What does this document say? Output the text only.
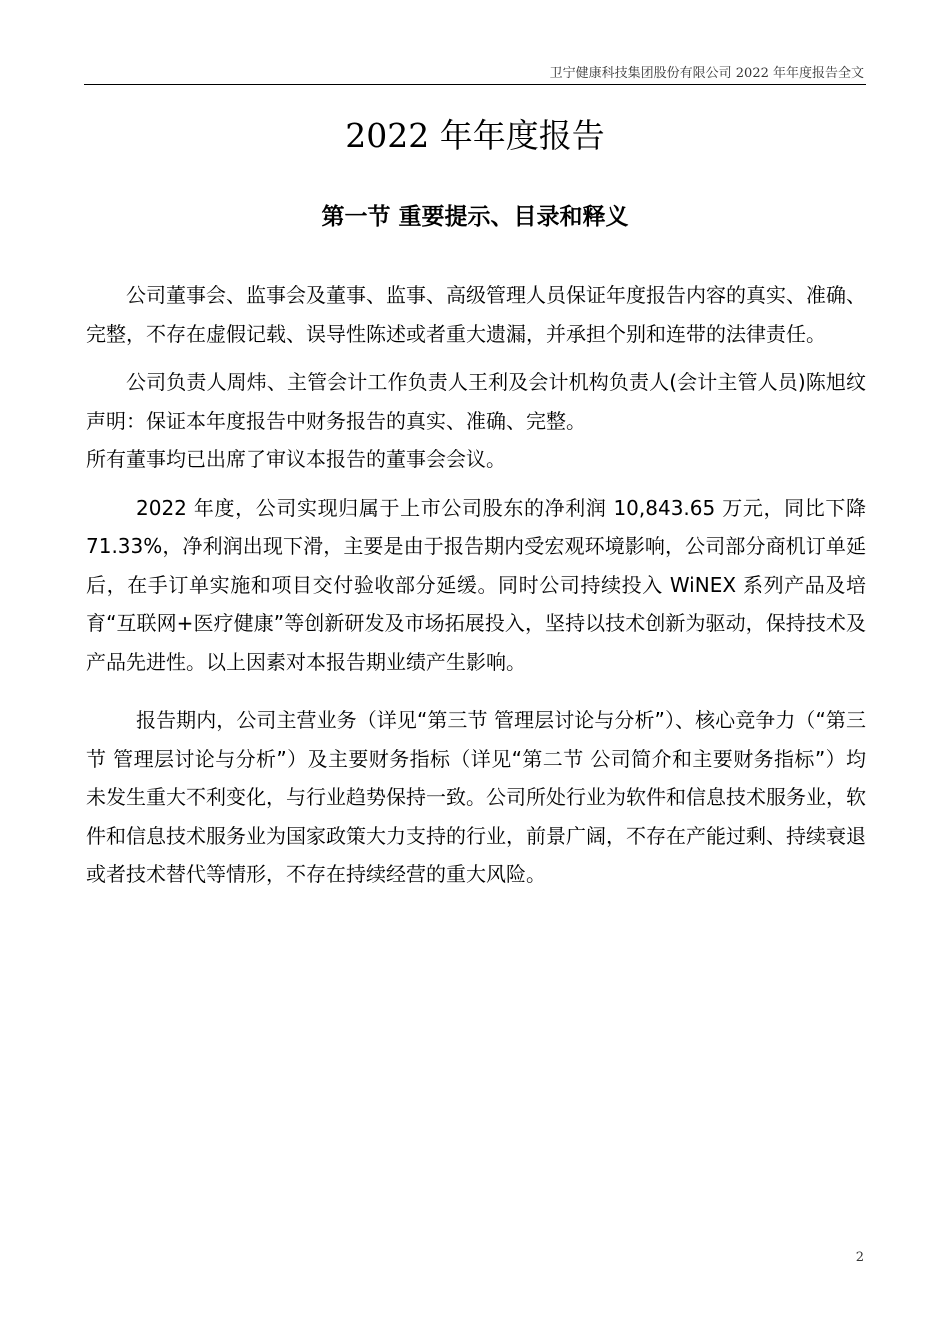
卫宁健康科技集团股份有限公司 2022 年年度报告全文
2022 年年度报告
第一节 重要提示、目录和释义

公司董事会、监事会及董事、监事、高级管理人员保证年度报告内容的真实、准确、完整，不存在虚假记载、误导性陈述或者重大遗漏，并承担个别和连带的法律责任。

公司负责人周炜、主管会计工作负责人王利及会计机构负责人(会计主管人员)陈旭纹声明：保证本年度报告中财务报告的真实、准确、完整。

所有董事均已出席了审议本报告的董事会会议。

2022 年度，公司实现归属于上市公司股东的净利润 10,843.65 万元，同比下降 71.33%，净利润出现下滑，主要是由于报告期内受宏观环境影响，公司部分商机订单延后，在手订单实施和项目交付验收部分延缓。同时公司持续投入 WiNEX 系列产品及培育“互联网+医疗健康”等创新研发及市场拓展投入，坚持以技术创新为驱动，保持技术及产品先进性。以上因素对本报告期业绩产生影响。

报告期内，公司主营业务（详见“第三节 管理层讨论与分析”）、核心竞争力（“第三节 管理层讨论与分析”）及主要财务指标（详见“第二节 公司简介和主要财务指标”）均未发生重大不利变化，与行业趋势保持一致。公司所处行业为软件和信息技术服务业，软件和信息技术服务业为国家政策大力支持的行业，前景广阔，不存在产能过剩、持续衰退或者技术替代等情形，不存在持续经营的重大风险。

2
